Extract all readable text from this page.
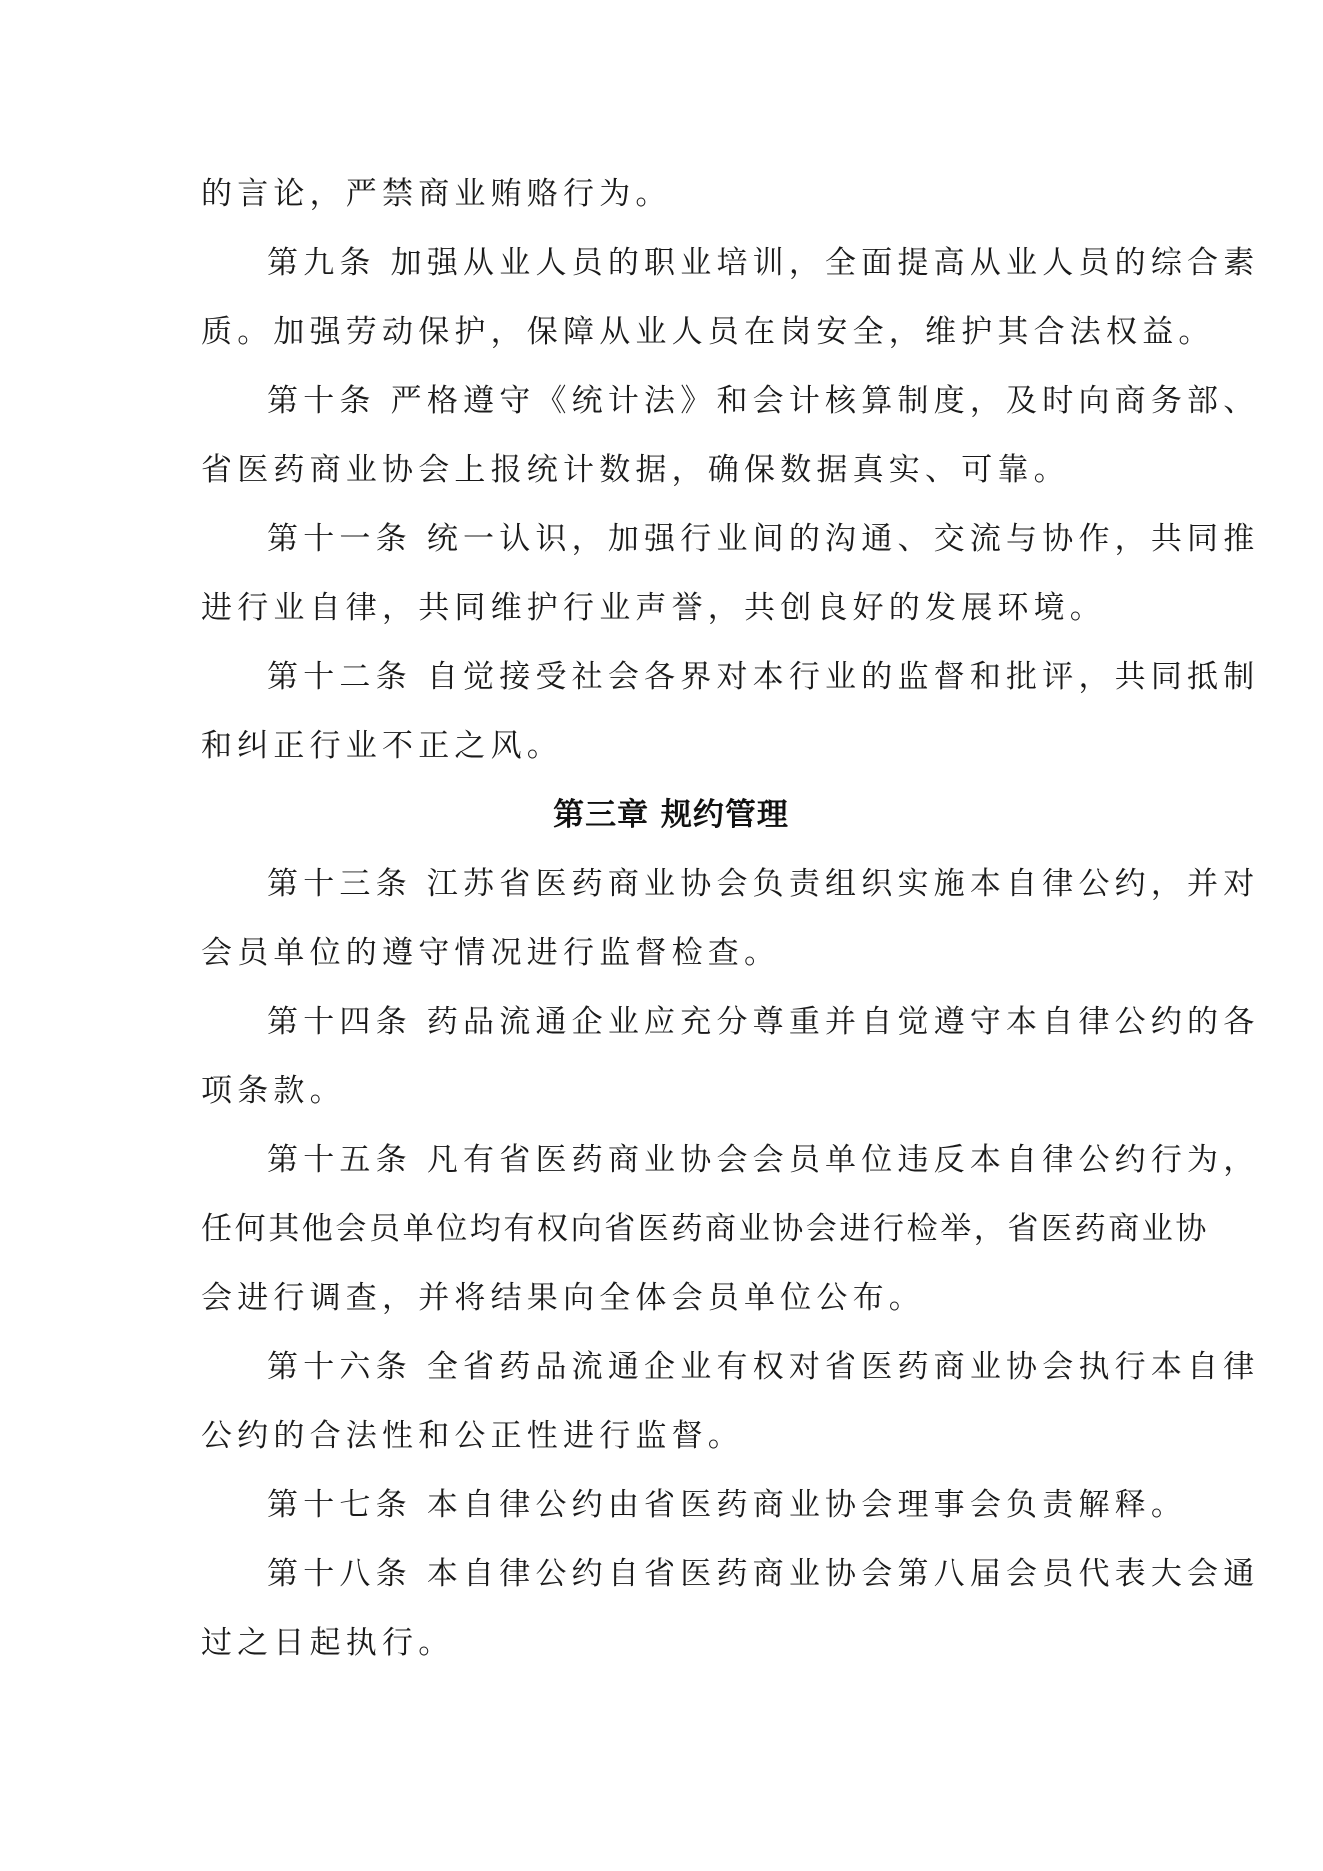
的言论，严禁商业贿赂行为。
第九条 加强从业人员的职业培训，全面提高从业人员的综合素
质。加强劳动保护，保障从业人员在岗安全，维护其合法权益。
第十条 严格遵守《统计法》和会计核算制度，及时向商务部、
省医药商业协会上报统计数据，确保数据真实、可靠。
第十一条 统一认识，加强行业间的沟通、交流与协作，共同推
进行业自律，共同维护行业声誉，共创良好的发展环境。
第十二条 自觉接受社会各界对本行业的监督和批评，共同抵制
和纠正行业不正之风。
第三章 规约管理
第十三条 江苏省医药商业协会负责组织实施本自律公约，并对
会员单位的遵守情况进行监督检查。
第十四条 药品流通企业应充分尊重并自觉遵守本自律公约的各
项条款。
第十五条 凡有省医药商业协会会员单位违反本自律公约行为，
任何其他会员单位均有权向省医药商业协会进行检举，省医药商业协
会进行调查，并将结果向全体会员单位公布。
第十六条 全省药品流通企业有权对省医药商业协会执行本自律
公约的合法性和公正性进行监督。
第十七条 本自律公约由省医药商业协会理事会负责解释。
第十八条 本自律公约自省医药商业协会第八届会员代表大会通
过之日起执行。
